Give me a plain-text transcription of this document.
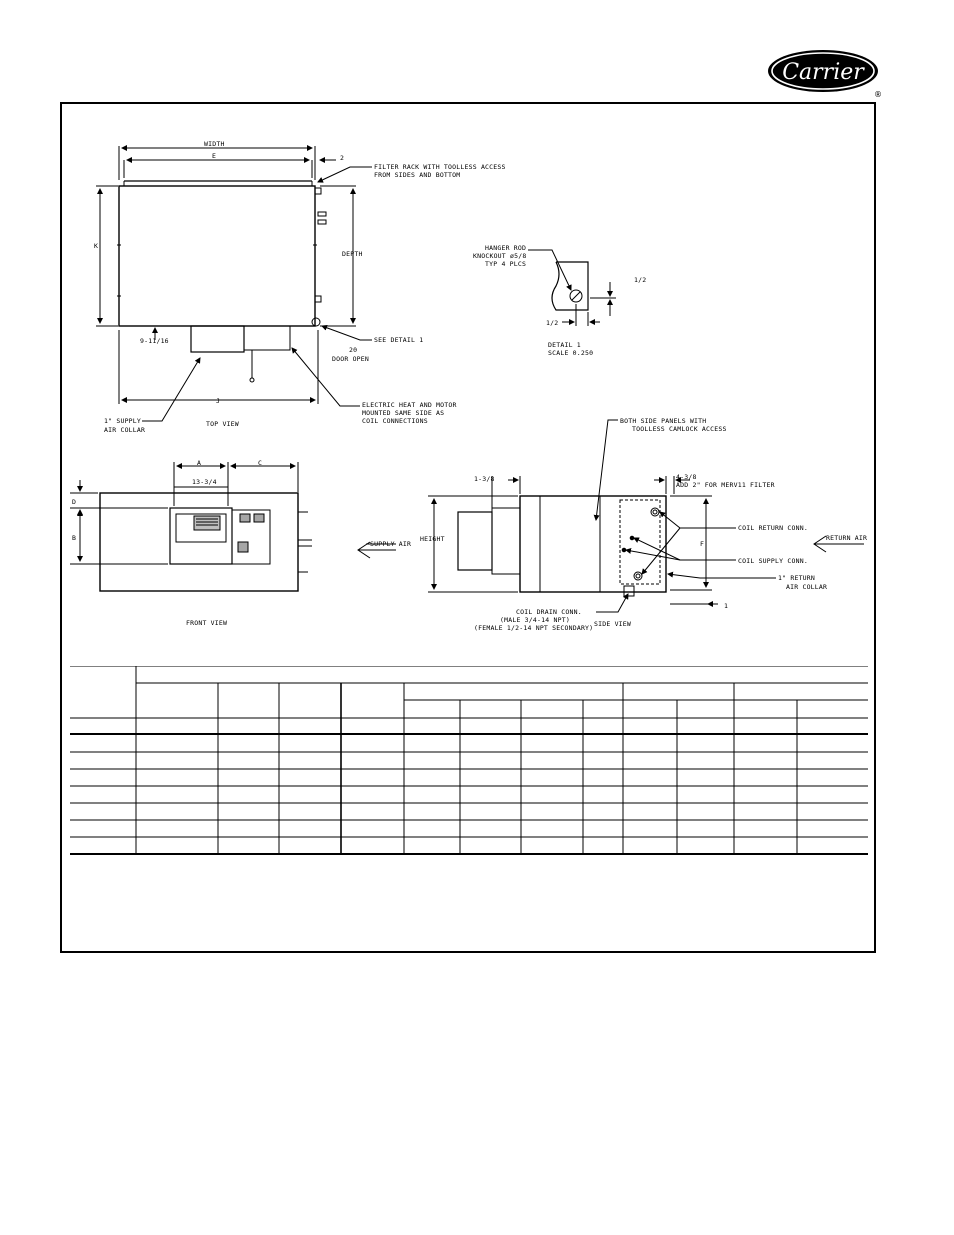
Carrier
®
WIDTH
E	2
FILTER RACK WITH TOOLLESS ACCESS
FROM SIDES AND BOTTOM
K
DEPTH
9-11/16	SEE DETAIL 1
20
DOOR OPEN
J	ELECTRIC HEAT AND MOTOR
MOUNTED SAME SIDE AS
COIL CONNECTIONS
1" SUPPLY
AIR COLLAR
TOP VIEW
HANGER ROD
KNOCKOUT ø5/8
TYP 4 PLCS
1/2
1/2
DETAIL 1
SCALE 0.250
A	C
13-3/4
D
B
SUPPLY AIR
FRONT VIEW
BOTH SIDE PANELS WITH
TOOLLESS CAMLOCK ACCESS
1-3/8	4-3/8
ADD 2" FOR MERV11 FILTER
HEIGHT
F
COIL RETURN CONN.
COIL SUPPLY CONN.
RETURN AIR
1" RETURN
AIR COLLAR
1
COIL DRAIN CONN.
(MALE 3/4-14 NPT)
(FEMALE 1/2-14 NPT SECONDARY) SIDE VIEW
